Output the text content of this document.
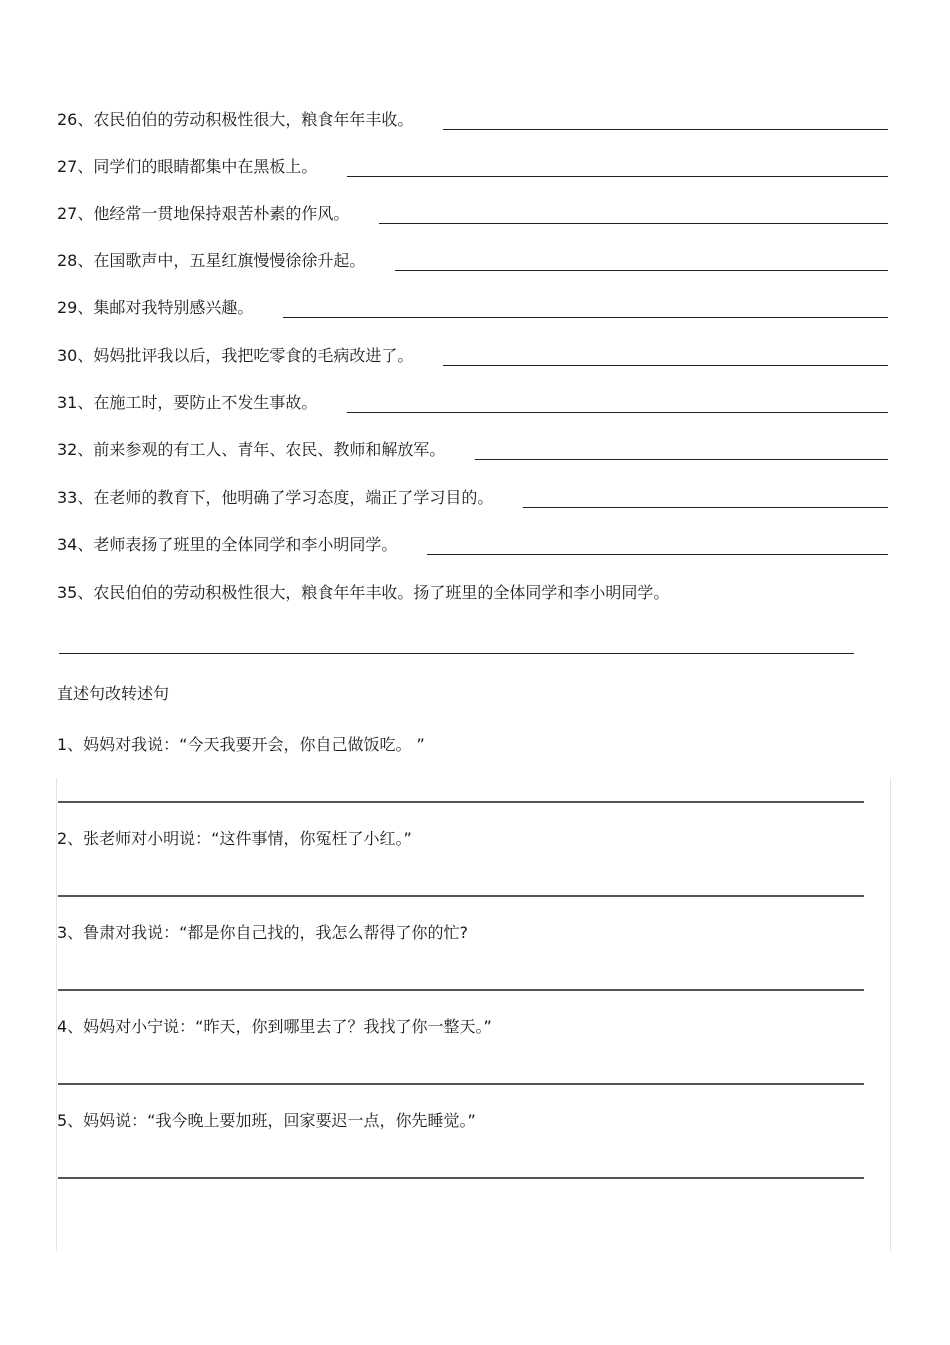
26、农民伯伯的劳动积极性很大，粮食年年丰收。
27、同学们的眼睛都集中在黑板上。
27、他经常一贯地保持艰苦朴素的作风。
28、在国歌声中，五星红旗慢慢徐徐升起。
29、集邮对我特别感兴趣。
30、妈妈批评我以后，我把吃零食的毛病改进了。
31、在施工时，要防止不发生事故。
32、前来参观的有工人、青年、农民、教师和解放军。
33、在老师的教育下，他明确了学习态度，端正了学习目的。
34、老师表扬了班里的全体同学和李小明同学。
35、农民伯伯的劳动积极性很大，粮食年年丰收。扬了班里的全体同学和李小明同学。
直述句改转述句
1、妈妈对我说：“今天我要开会，你自己做饭吃。 ”
2、张老师对小明说：“这件事情，你冤枉了小红。”
3、鲁肃对我说：“都是你自己找的，我怎么帮得了你的忙?
4、妈妈对小宁说：“昨天，你到哪里去了？我找了你一整天。”
5、妈妈说：“我今晚上要加班，回家要迟一点，你先睡觉。”
